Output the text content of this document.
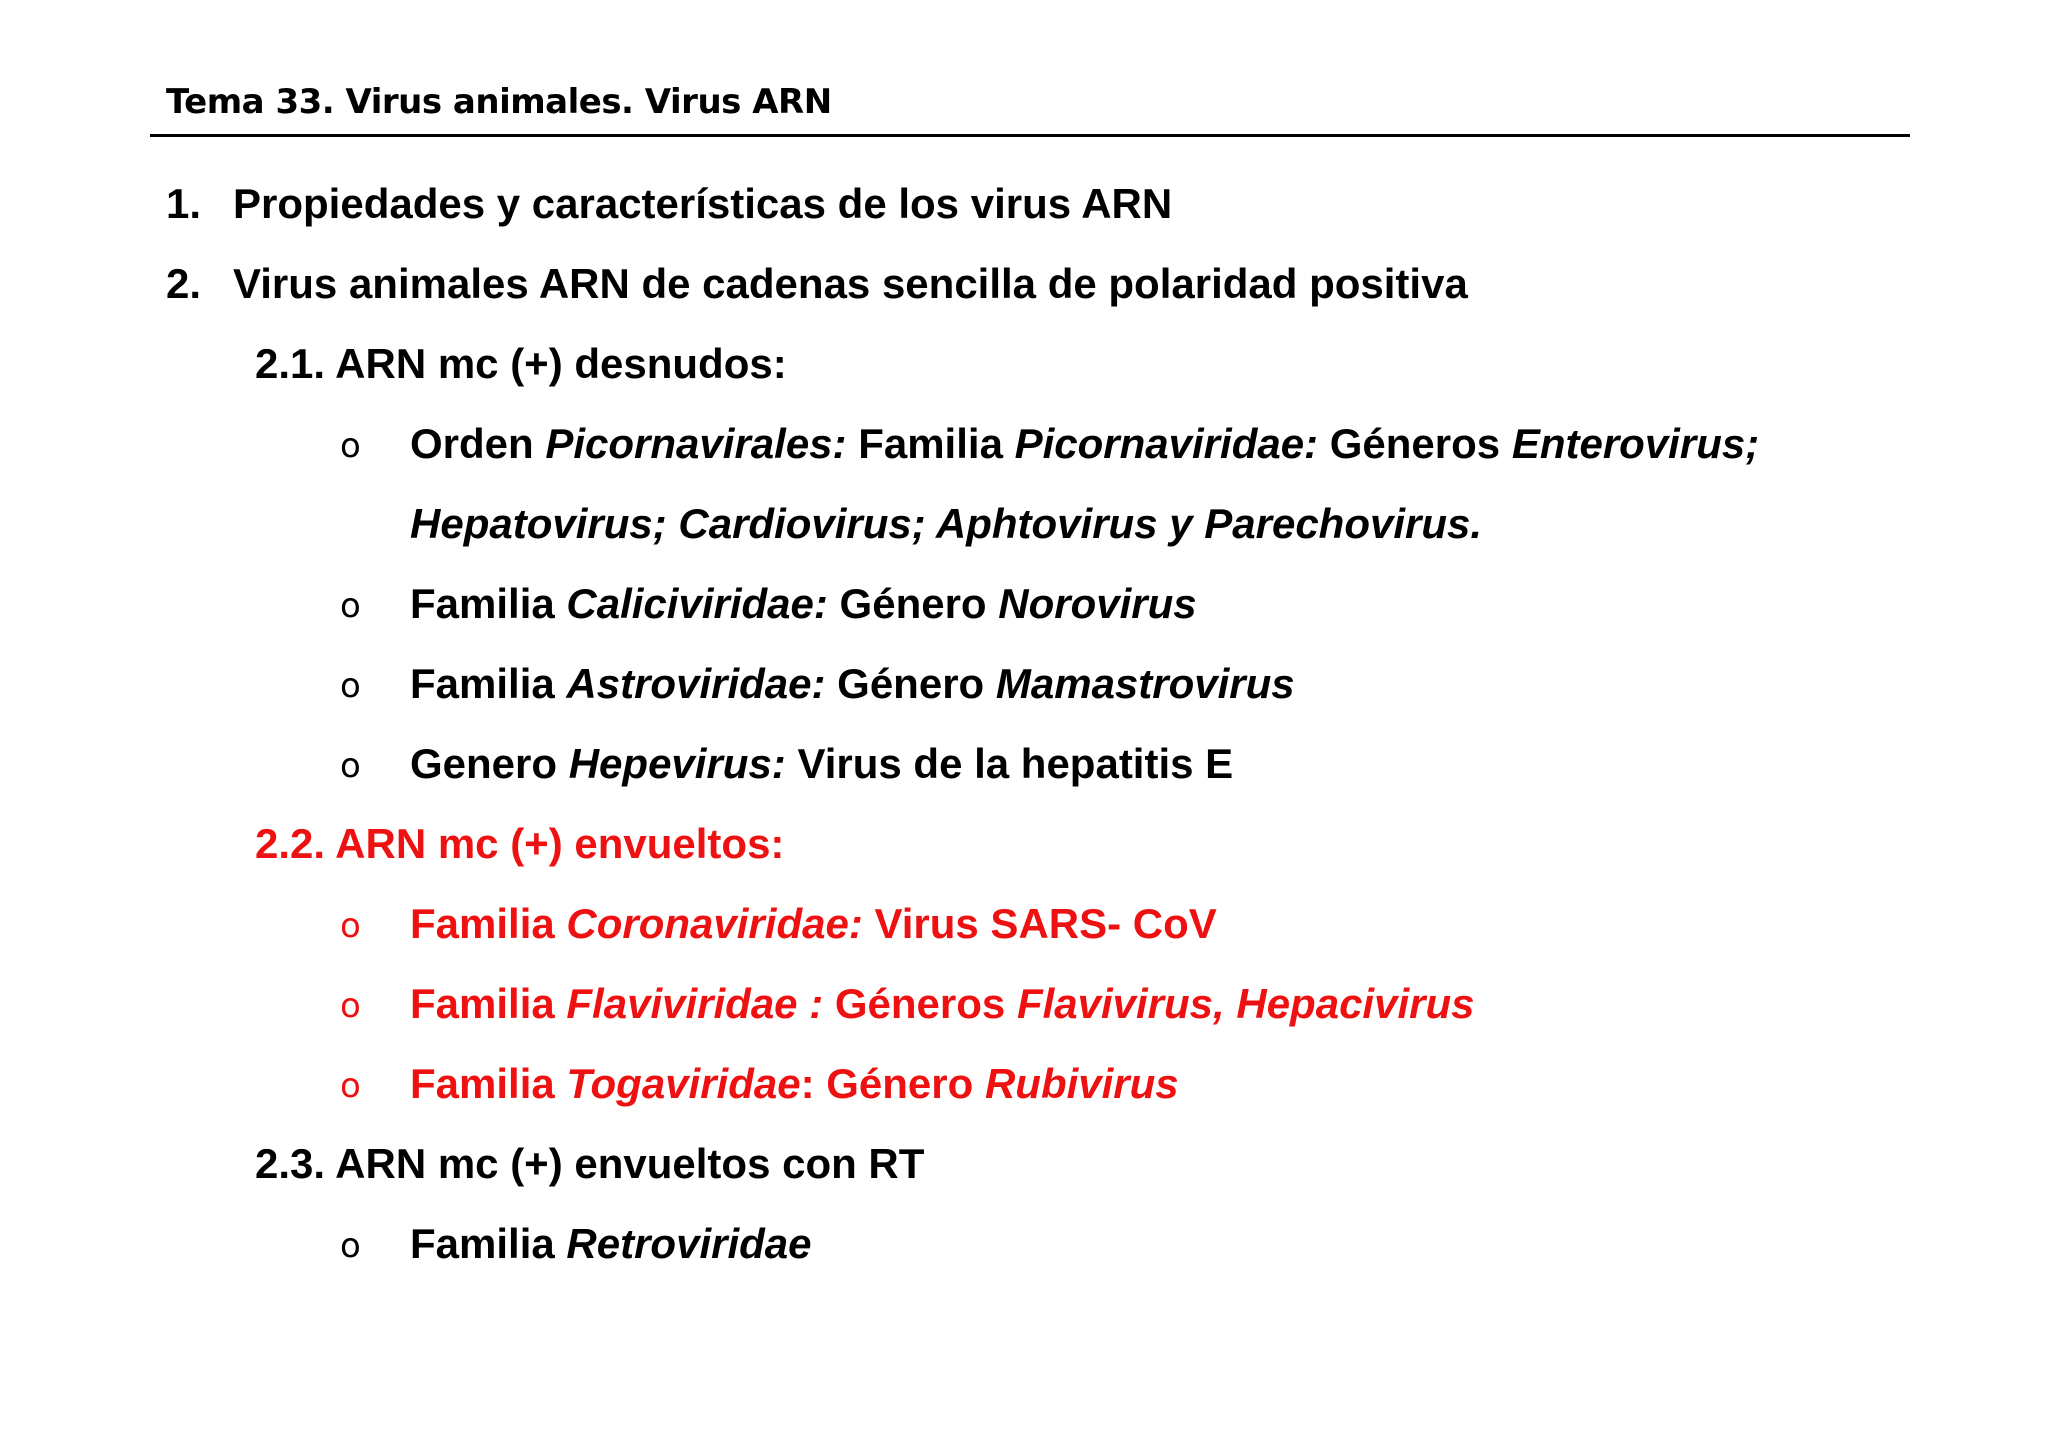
Tema 33. Virus animales. Virus ARN
1. Propiedades y características de los virus ARN
2. Virus animales ARN de cadenas sencilla de polaridad positiva
2.1. ARN mc (+) desnudos:
o Orden Picornavirales: Familia Picornaviridae: Géneros Enterovirus;
Hepatovirus; Cardiovirus; Aphtovirus y Parechovirus.
o Familia Caliciviridae: Género Norovirus
o Familia Astroviridae: Género Mamastrovirus
o Genero Hepevirus: Virus de la hepatitis E
2.2. ARN mc (+) envueltos:
o Familia Coronaviridae: Virus SARS- CoV
o Familia Flaviviridae : Géneros Flavivirus, Hepacivirus
o Familia Togaviridae: Género Rubivirus
2.3. ARN mc (+) envueltos con RT
o Familia Retroviridae
